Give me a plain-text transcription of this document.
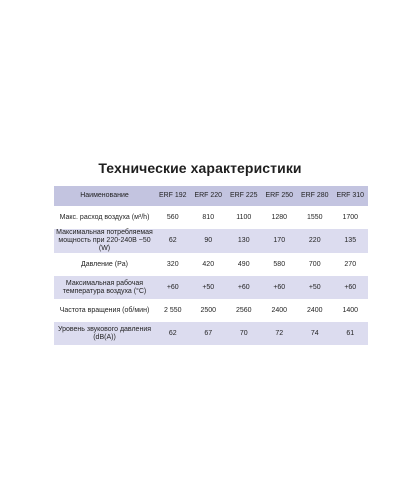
Технические характеристики
Наименование	ERF 192	ERF 220	ERF 225	ERF 250	ERF 280	ERF 310
Макс. расход воздуха (м³/h)	560	810	1100	1280	1550	1700
Максимальная потребляемая мощность при 220-240В ~50 (W)	62	90	130	170	220	135
Давление (Pa)	320	420	490	580	700	270
Максимальная рабочая температура воздуха (°C)	+60	+50	+60	+60	+50	+60
Частота вращения (об/мин)	2 550	2500	2560	2400	2400	1400
Уровень звукового давления (dB(A))	62	67	70	72	74	61
